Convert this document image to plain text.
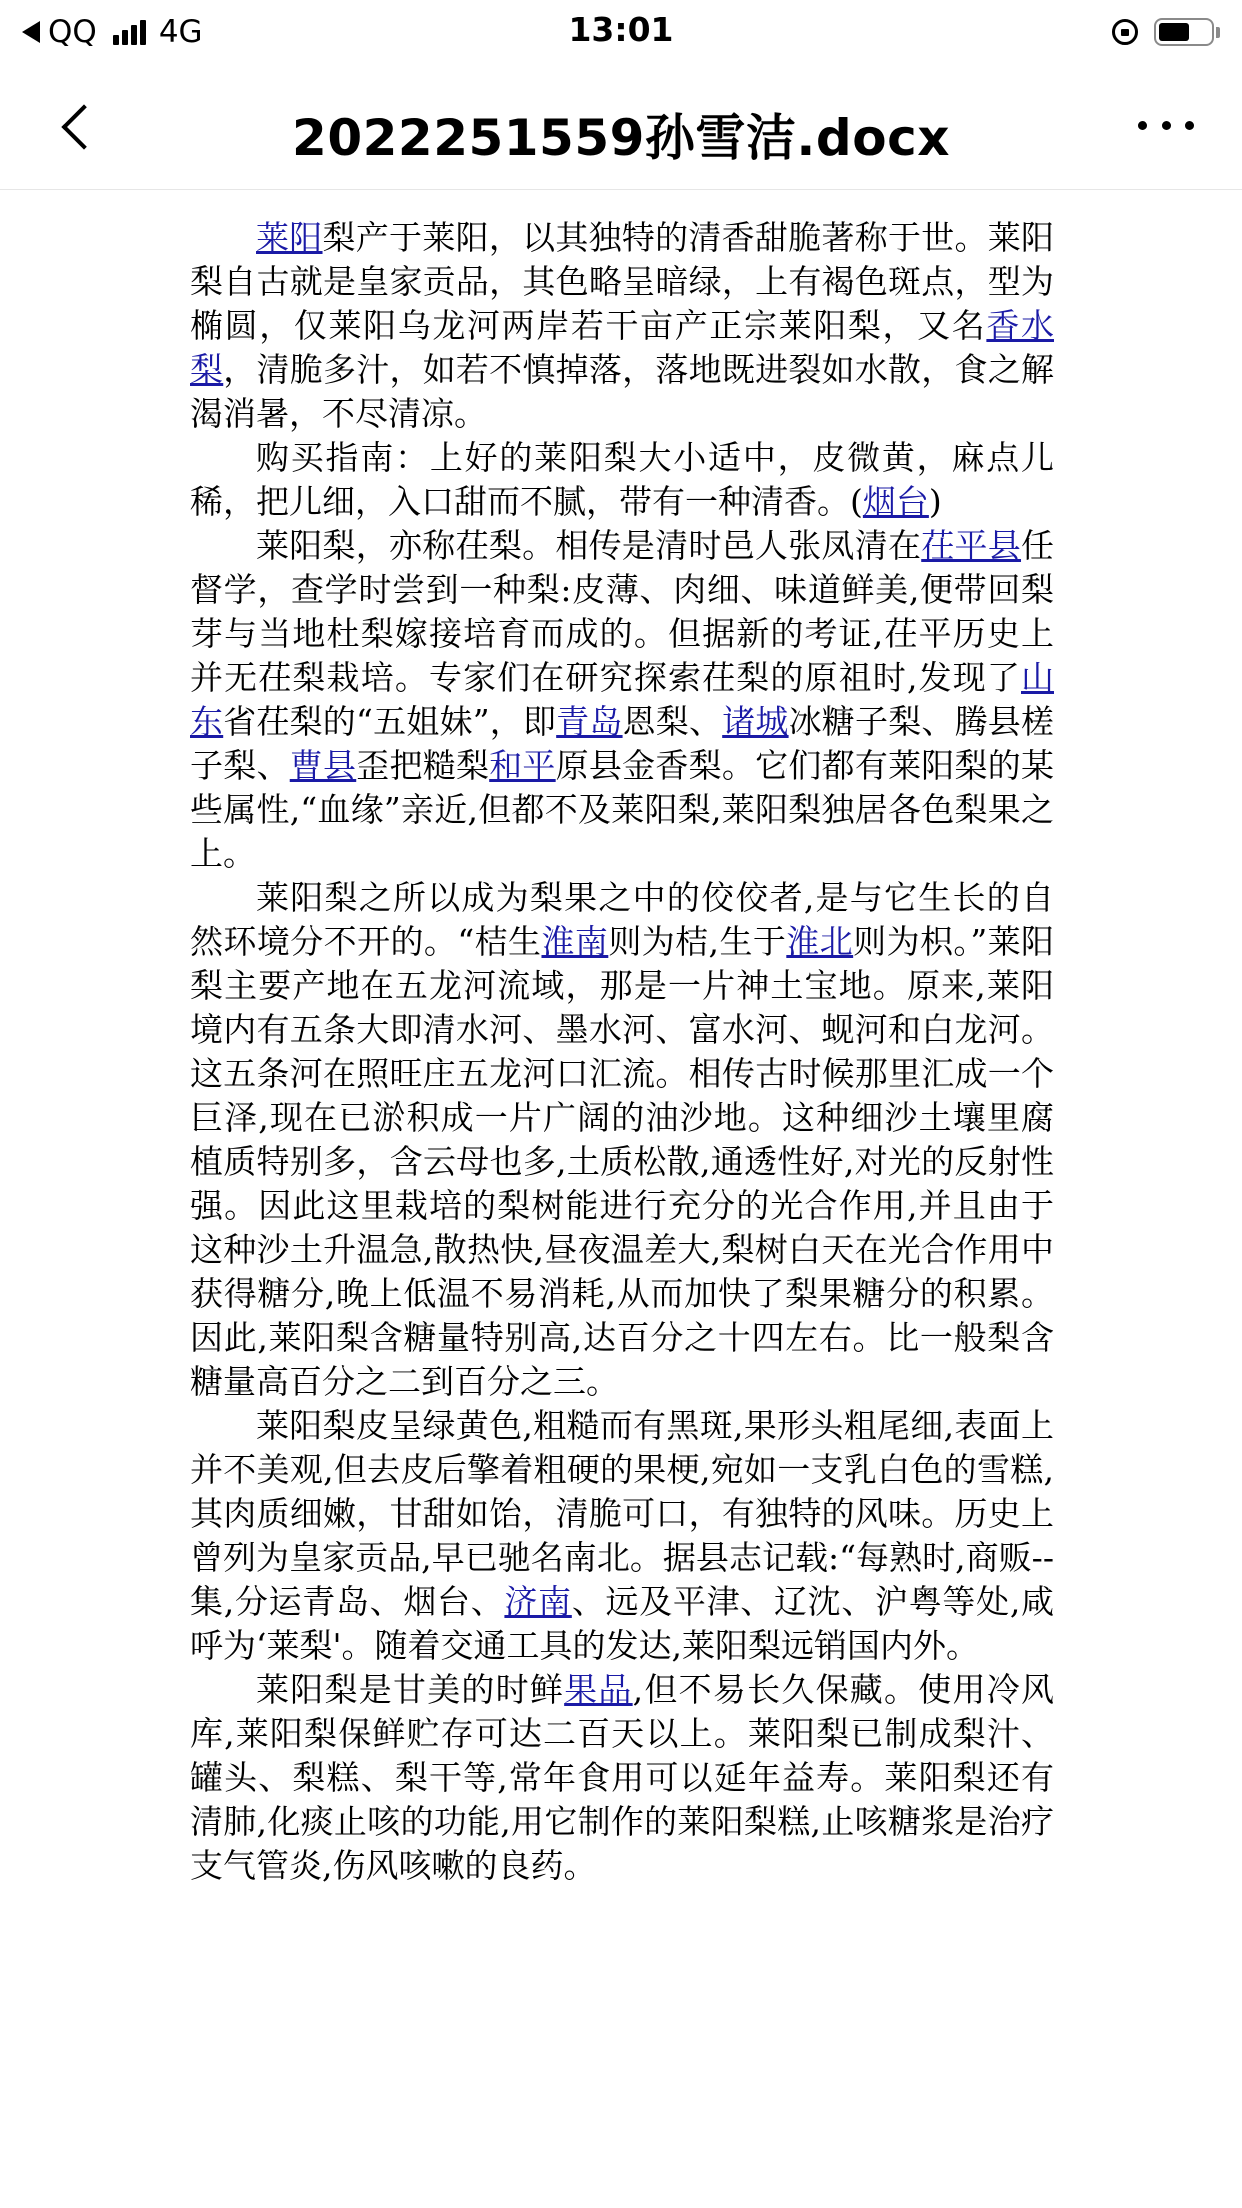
QQ 4G	13:01
2022251559孙雪洁.docx

莱阳梨产于莱阳，以其独特的清香甜脆著称于世。莱阳梨自古就是皇家贡品，其色略呈暗绿，上有褐色斑点，型为椭圆，仅莱阳乌龙河两岸若干亩产正宗莱阳梨，又名香水梨，清脆多汁，如若不慎掉落，落地既进裂如水散，食之解渴消暑，不尽清凉。

购买指南：上好的莱阳梨大小适中，皮微黄，麻点儿稀，把儿细，入口甜而不腻，带有一种清香。(烟台)

莱阳梨，亦称茌梨。相传是清时邑人张凤清在茌平县任督学，查学时尝到一种梨:皮薄、肉细、味道鲜美,便带回梨芽与当地杜梨嫁接培育而成的。但据新的考证,茌平历史上并无茌梨栽培。专家们在研究探索茌梨的原祖时,发现了山东省茌梨的“五姐妹”，即青岛恩梨、诸城冰糖子梨、腾县槎子梨、曹县歪把糙梨和平原县金香梨。它们都有莱阳梨的某些属性,“血缘”亲近,但都不及莱阳梨,莱阳梨独居各色梨果之上。

莱阳梨之所以成为梨果之中的佼佼者,是与它生长的自然环境分不开的。“桔生淮南则为桔,生于淮北则为枳。”莱阳梨主要产地在五龙河流域，那是一片神土宝地。原来,莱阳境内有五条大即清水河、墨水河、富水河、蚬河和白龙河。这五条河在照旺庄五龙河口汇流。相传古时候那里汇成一个巨泽,现在已淤积成一片广阔的油沙地。这种细沙土壤里腐植质特别多，含云母也多,土质松散,通透性好,对光的反射性强。因此这里栽培的梨树能进行充分的光合作用,并且由于这种沙土升温急,散热快,昼夜温差大,梨树白天在光合作用中获得糖分,晚上低温不易消耗,从而加快了梨果糖分的积累。因此,莱阳梨含糖量特别高,达百分之十四左右。比一般梨含糖量高百分之二到百分之三。

莱阳梨皮呈绿黄色,粗糙而有黑斑,果形头粗尾细,表面上并不美观,但去皮后擎着粗硬的果梗,宛如一支乳白色的雪糕,其肉质细嫩，甘甜如饴，清脆可口，有独特的风味。历史上曾列为皇家贡品,早已驰名南北。据县志记载:“每熟时,商贩--集,分运青岛、烟台、济南、远及平津、辽沈、沪粤等处,咸呼为‘莱梨'。随着交通工具的发达,莱阳梨远销国内外。

莱阳梨是甘美的时鲜果品,但不易长久保藏。使用冷风库,莱阳梨保鲜贮存可达二百天以上。莱阳梨已制成梨汁、罐头、梨糕、梨干等,常年食用可以延年益寿。莱阳梨还有清肺,化痰止咳的功能,用它制作的莱阳梨糕,止咳糖浆是治疗支气管炎,伤风咳嗽的良药。
